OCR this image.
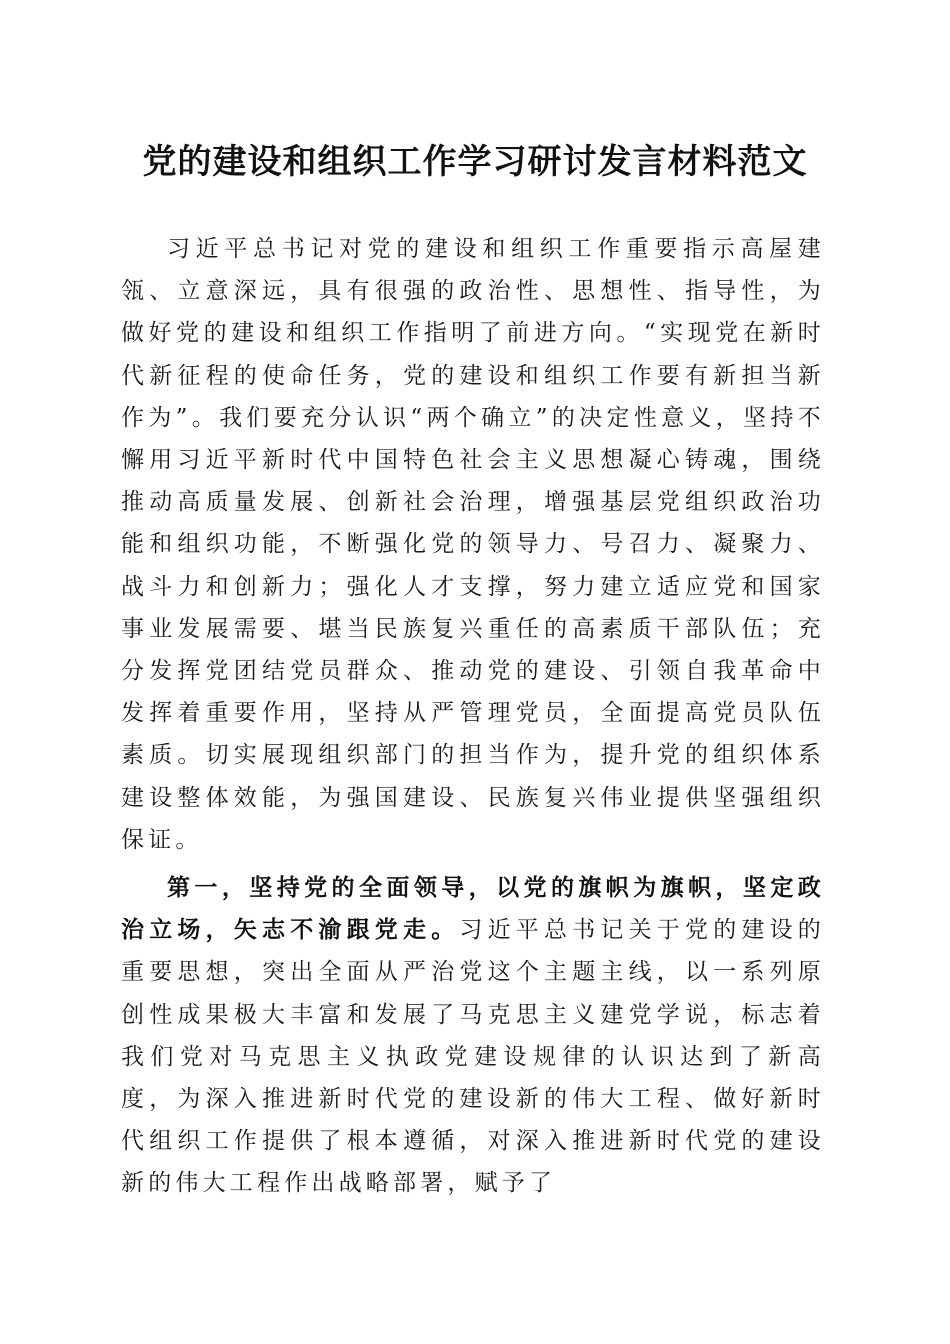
党的建设和组织工作学习研讨发言材料范文

习近平总书记对党的建设和组织工作重要指示高屋建瓴、立意深远，具有很强的政治性、思想性、指导性，为做好党的建设和组织工作指明了前进方向。“实现党在新时代新征程的使命任务，党的建设和组织工作要有新担当新作为”。我们要充分认识“两个确立”的决定性意义，坚持不懈用习近平新时代中国特色社会主义思想凝心铸魂，围绕推动高质量发展、创新社会治理，增强基层党组织政治功能和组织功能，不断强化党的领导力、号召力、凝聚力、战斗力和创新力；强化人才支撑，努力建立适应党和国家事业发展需要、堪当民族复兴重任的高素质干部队伍；充分发挥党团结党员群众、推动党的建设、引领自我革命中发挥着重要作用，坚持从严管理党员，全面提高党员队伍素质。切实展现组织部门的担当作为，提升党的组织体系建设整体效能，为强国建设、民族复兴伟业提供坚强组织保证。

第一，坚持党的全面领导，以党的旗帜为旗帜，坚定政治立场，矢志不渝跟党走。习近平总书记关于党的建设的重要思想，突出全面从严治党这个主题主线，以一系列原创性成果极大丰富和发展了马克思主义建党学说，标志着我们党对马克思主义执政党建设规律的认识达到了新高度，为深入推进新时代党的建设新的伟大工程、做好新时代组织工作提供了根本遵循，对深入推进新时代党的建设新的伟大工程作出战略部署，赋予了
